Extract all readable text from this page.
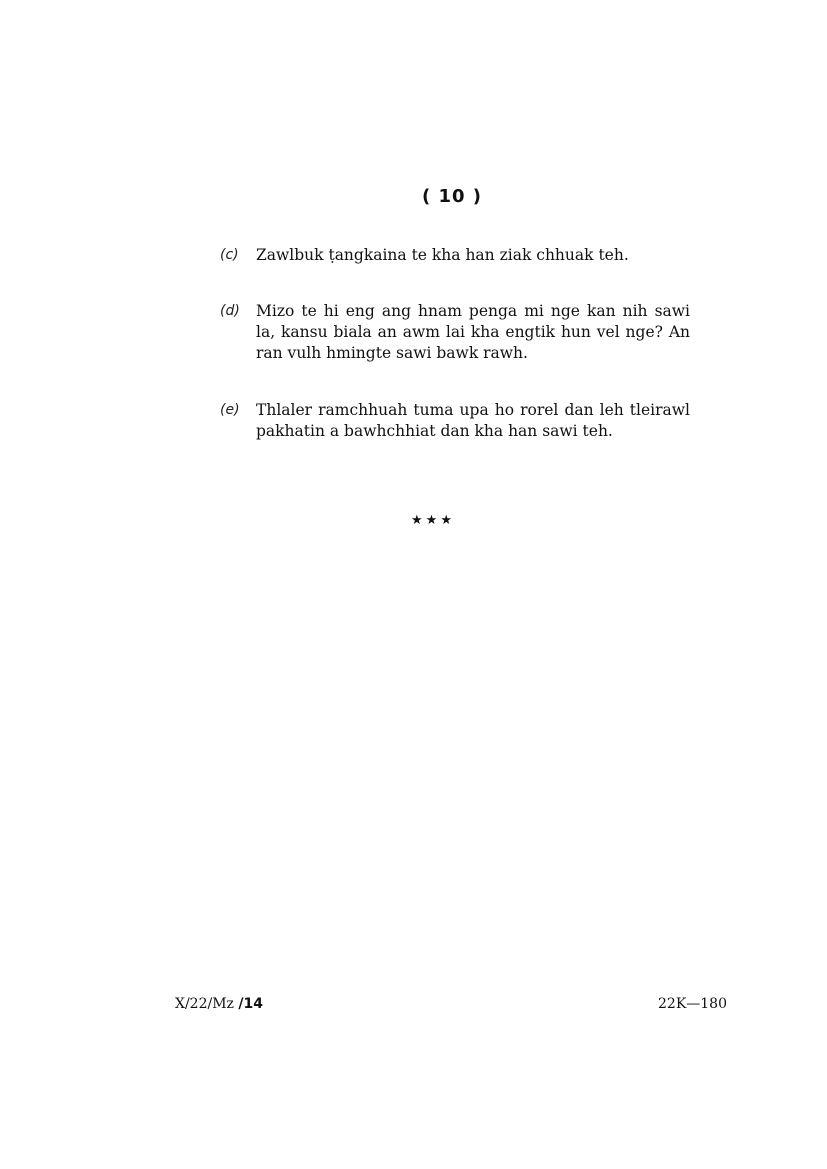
( 10 )
(c) Zawlbuk ṭangkaina te kha han ziak chhuak teh.
(d) Mizo te hi eng ang hnam penga mi nge kan nih sawi la, kansu biala an awm lai kha engtik hun vel nge? An ran vulh hmingte sawi bawk rawh.
(e) Thlaler ramchhuah tuma upa ho rorel dan leh tleirawl pakhatin a bawhchhiat dan kha han sawi teh.
★★★
X/22/Mz /14	22K—180
